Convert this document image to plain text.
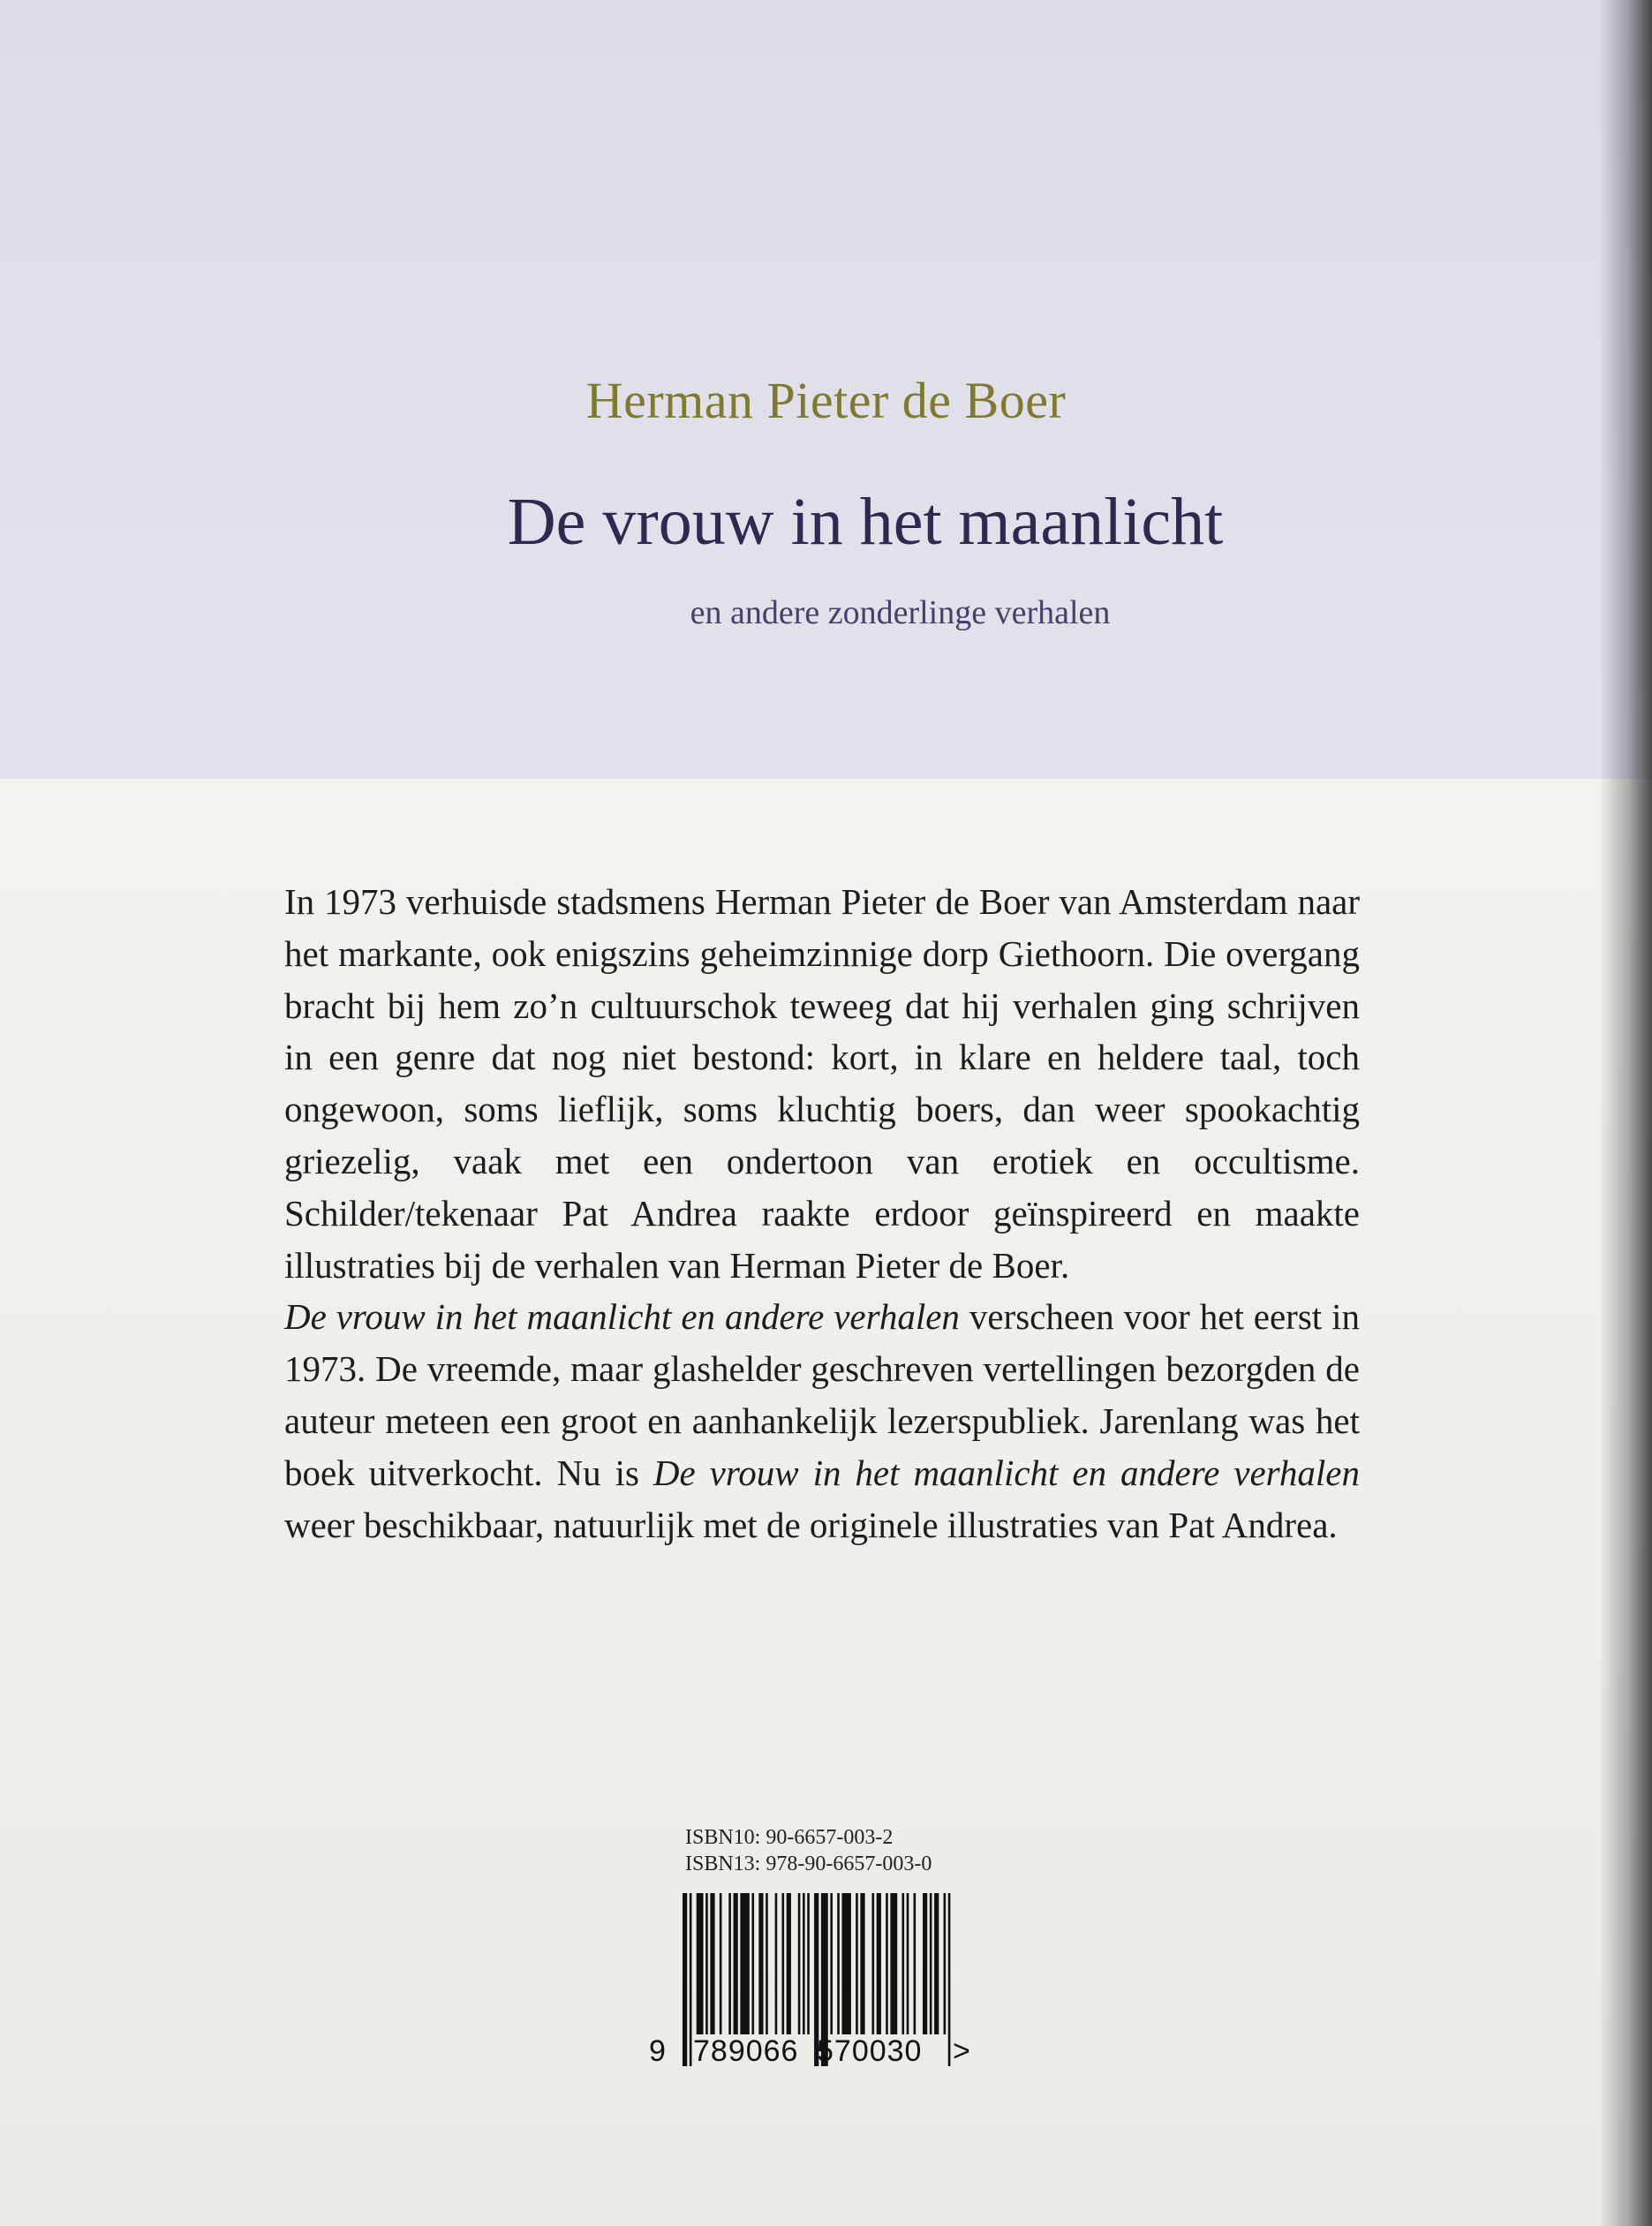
Herman Pieter de Boer
De vrouw in het maanlicht
en andere zonderlinge verhalen

In 1973 verhuisde stadsmens Herman Pieter de Boer van Amsterdam naar het markante, ook enigszins geheimzinnige dorp Giethoorn. Die overgang bracht bij hem zo’n cultuurschok teweeg dat hij verhalen ging schrijven in een genre dat nog niet bestond: kort, in klare en heldere taal, toch ongewoon, soms lieflijk, soms kluchtig boers, dan weer spookachtig griezelig, vaak met een ondertoon van erotiek en occultisme. Schilder/tekenaar Pat Andrea raakte erdoor geïnspireerd en maakte illustraties bij de verhalen van Herman Pieter de Boer.

De vrouw in het maanlicht en andere verhalen verscheen voor het eerst in 1973. De vreemde, maar glashelder geschreven vertellingen bezorgden de auteur meteen een groot en aanhankelijk lezerspubliek. Jarenlang was het boek uitverkocht. Nu is De vrouw in het maanlicht en andere verhalen weer beschikbaar, natuurlijk met de originele illustraties van Pat Andrea.

ISBN10: 90-6657-003-2
ISBN13: 978-90-6657-003-0
9 789066 570030 >
